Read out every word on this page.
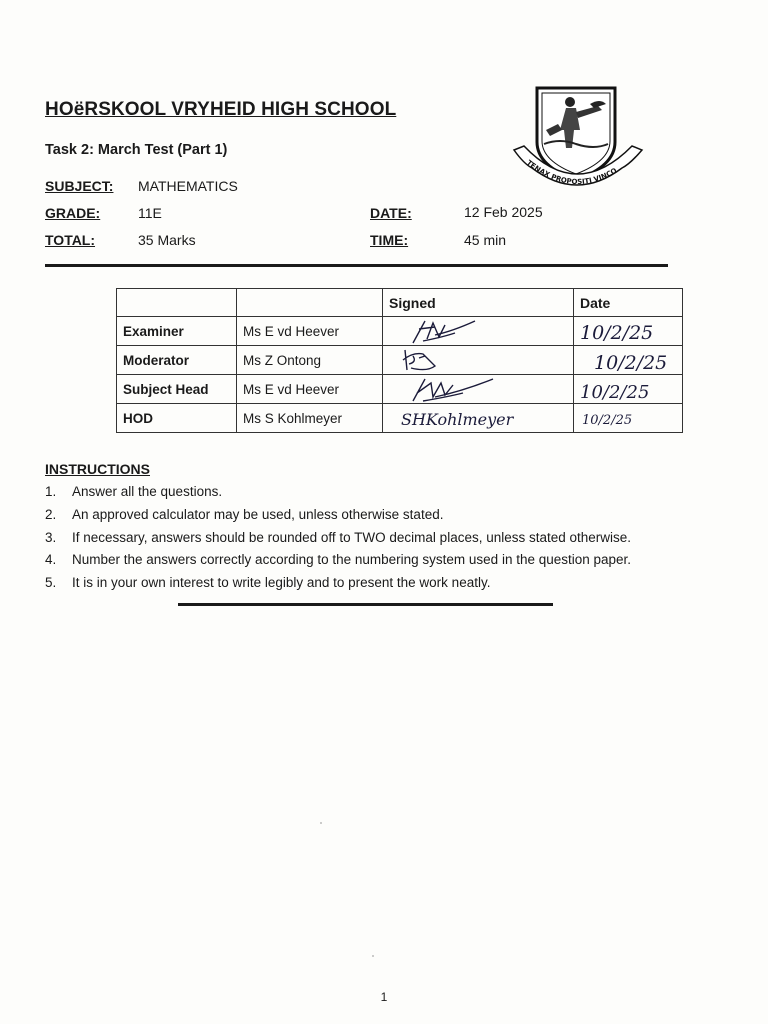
HOëRSKOOL VRYHEID HIGH SCHOOL
Task 2: March Test (Part 1)
TENAX PROPOSITI VINCO
SUBJECT: MATHEMATICS
GRADE:	11E
TOTAL:	35 Marks
DATE:	12 Feb 2025
TIME:	45 min
		Signed	Date
Examiner	Ms E vd Heever		10/2/25

Moderator	Ms Z Ontong		10/2/25

Subject Head	Ms E vd Heever		10/2/25

HOD	Ms S Kohlmeyer	SHKohlmeyer	10/2/25
INSTRUCTIONS
1.	Answer all the questions.
2.	An approved calculator may be used, unless otherwise stated.
3.	If necessary, answers should be rounded off to TWO decimal places, unless stated otherwise.
4.	Number the answers correctly according to the numbering system used in the question paper.
5.	It is in your own interest to write legibly and to present the work neatly.
1
